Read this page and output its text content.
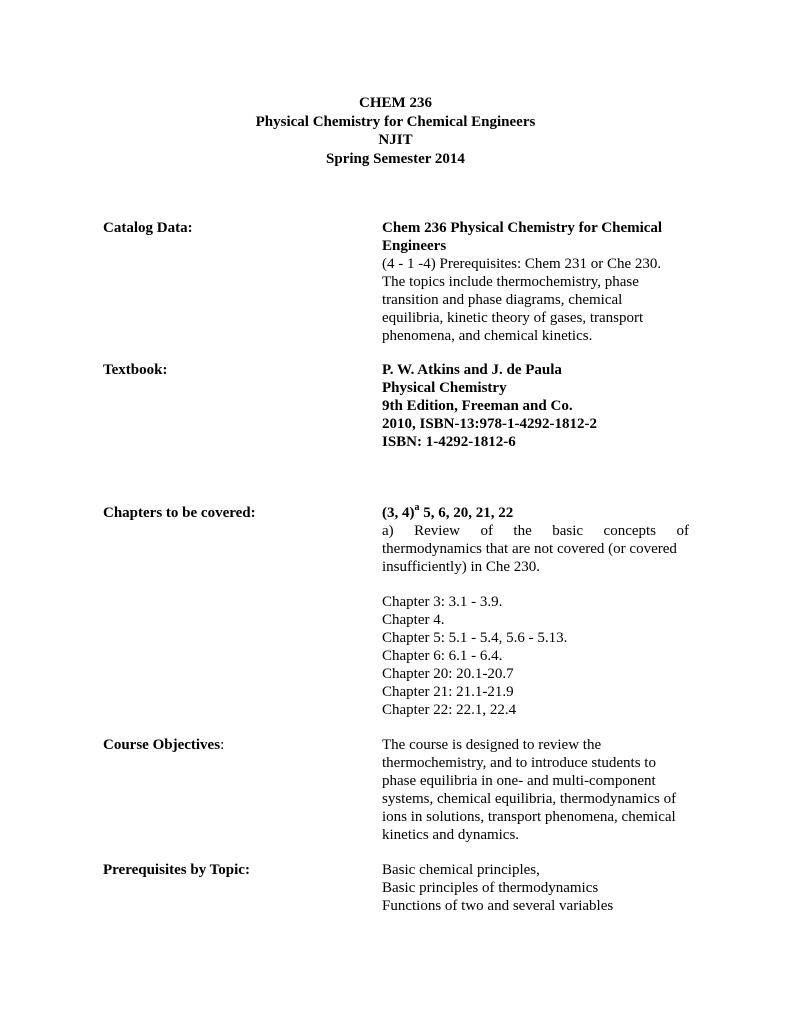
CHEM 236
Physical Chemistry for Chemical Engineers
NJIT
Spring Semester 2014
Catalog Data:	Chem 236 Physical Chemistry for Chemical
Engineers
(4 - 1 -4) Prerequisites: Chem 231 or Che 230.
The topics include thermochemistry, phase
transition and phase diagrams, chemical
equilibria, kinetic theory of gases, transport
phenomena, and chemical kinetics.
Textbook:	P. W. Atkins and J. de Paula
Physical Chemistry
9th Edition, Freeman and Co.
2010, ISBN-13:978-1-4292-1812-2
ISBN: 1-4292-1812-6
Chapters to be covered:	(3, 4)$^a$ 5, 6, 20, 21, 22
a) Review of the basic concepts of
thermodynamics that are not covered (or covered
insufficiently) in Che 230.
Chapter 3: 3.1 - 3.9.
Chapter 4.
Chapter 5: 5.1 - 5.4, 5.6 - 5.13.
Chapter 6: 6.1 - 6.4.
Chapter 20: 20.1-20.7
Chapter 21: 21.1-21.9
Chapter 22: 22.1, 22.4
Course Objectives:	The course is designed to review the
thermochemistry, and to introduce students to
phase equilibria in one- and multi-component
systems, chemical equilibria, thermodynamics of
ions in solutions, transport phenomena, chemical
kinetics and dynamics.
Prerequisites by Topic:	Basic chemical principles,
Basic principles of thermodynamics
Functions of two and several variables
